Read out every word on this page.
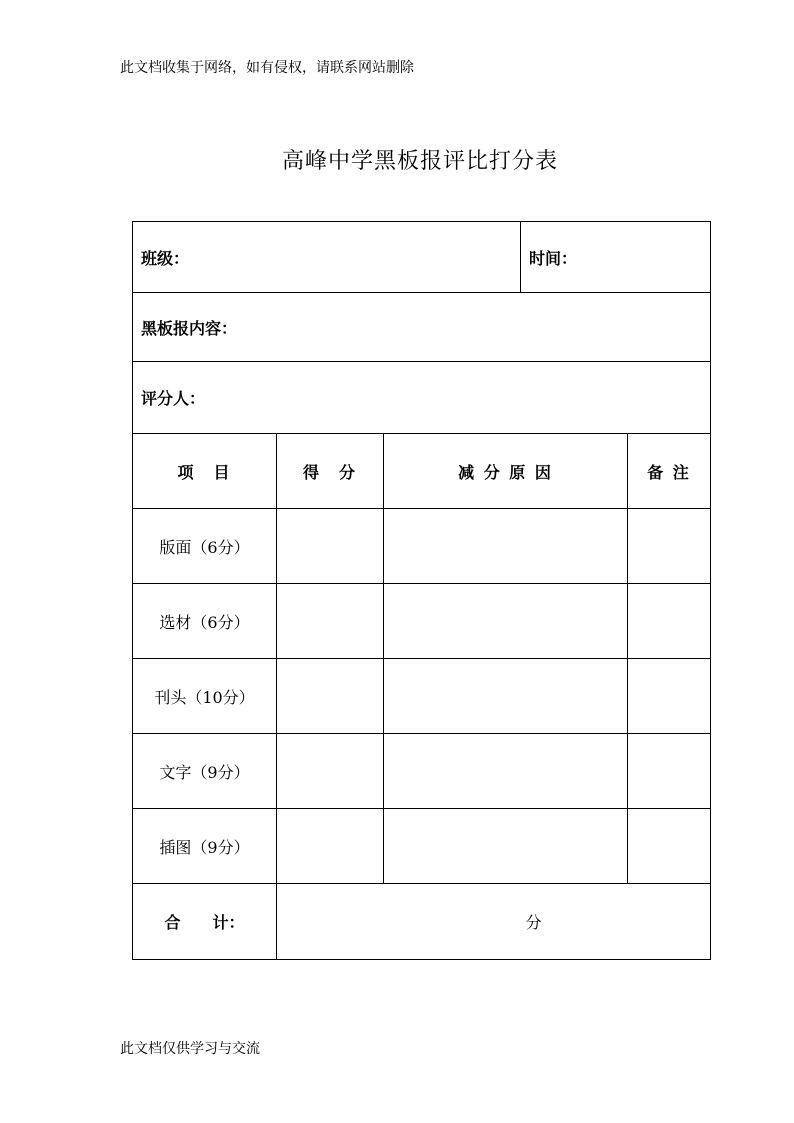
此文档收集于网络，如有侵权，请联系网站删除
高峰中学黑板报评比打分表
班级：			时间：	
黑板报内容：				
评分人：				
项　目	得　分	减 分 原 因		备 注
版面（6分）				
选材（6分）				
刊头（10分）				
文字（9分）				
插图（9分）				
合　　计：	分			
此文档仅供学习与交流
